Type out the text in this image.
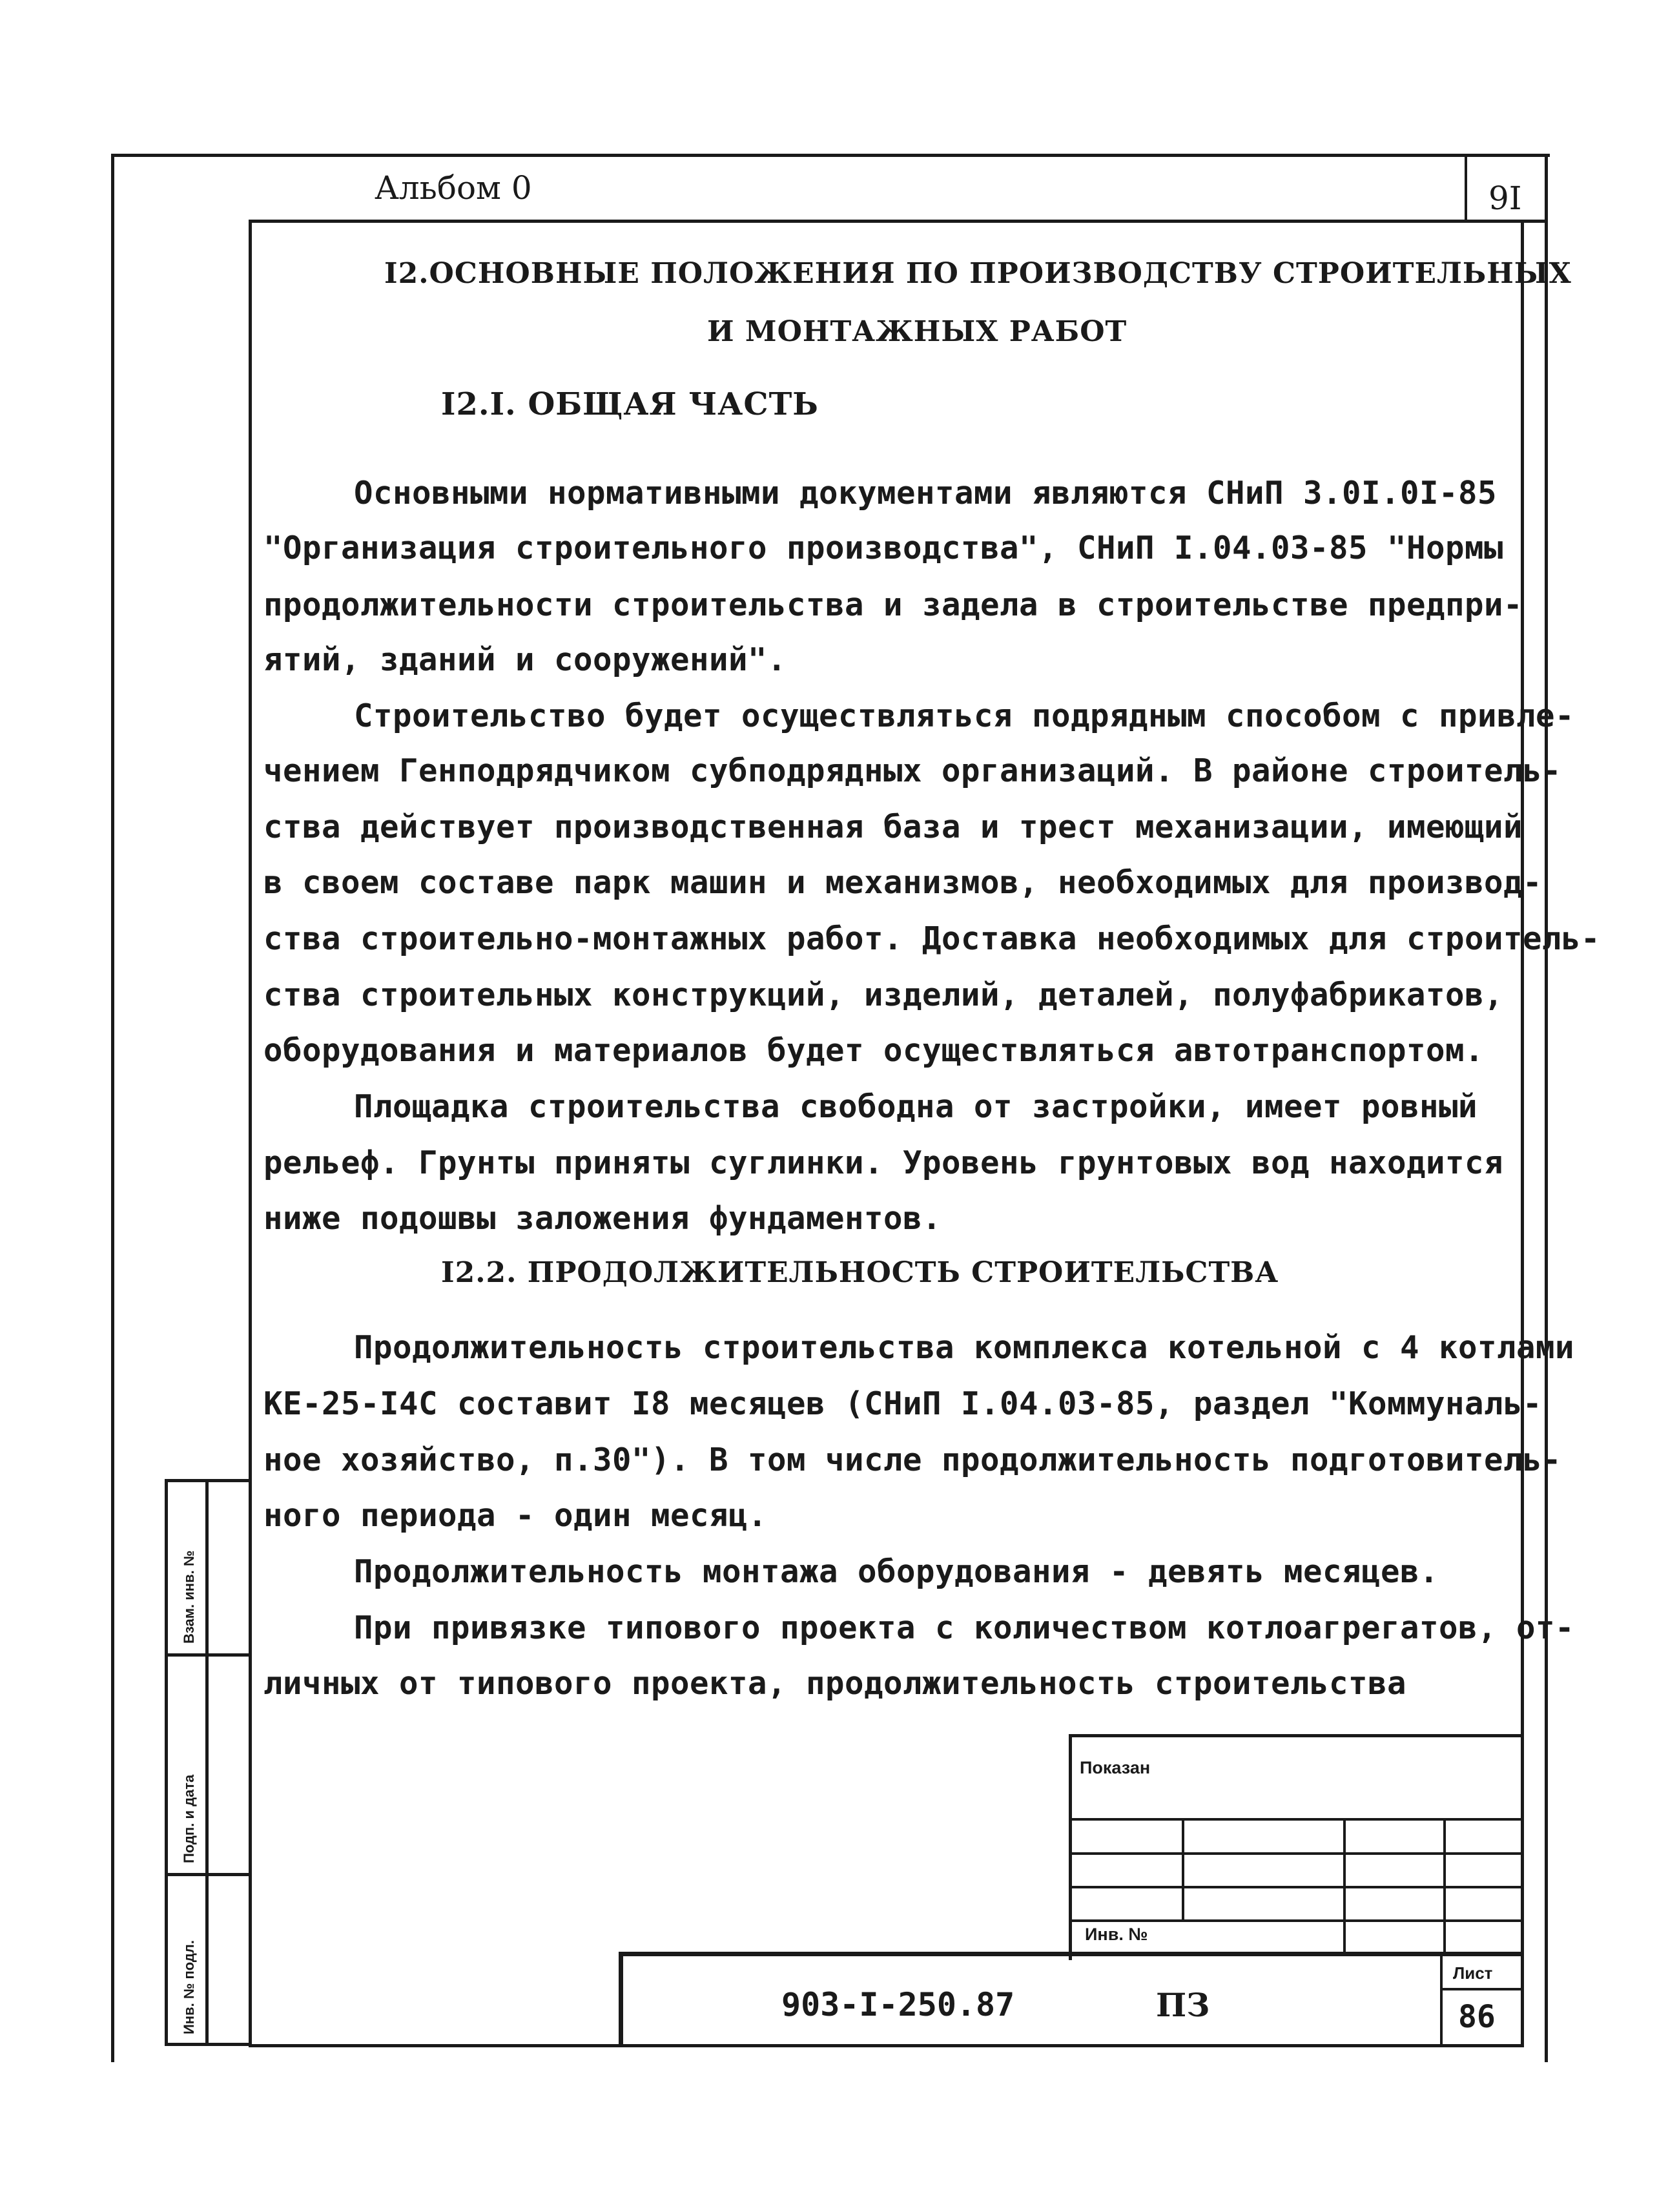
Альбом 0	9I
I2.ОСНОВНЫЕ ПОЛОЖЕНИЯ ПО ПРОИЗВОДСТВУ СТРОИТЕЛЬНЫХ
И МОНТАЖНЫХ РАБОТ
I2.I. ОБЩАЯ ЧАСТЬ
Основными нормативными документами являются СНиП 3.0I.0I-85
"Организация строительного производства", СНиП I.04.03-85 "Нормы
продолжительности строительства и задела в строительстве предпри-
ятий, зданий и сооружений".
Строительство будет осуществляться подрядным способом с привле-
чением Генподрядчиком субподрядных организаций. В районе строитель-
ства действует производственная база и трест механизации, имеющий
в своем составе парк машин и механизмов, необходимых для производ-
ства строительно-монтажных работ. Доставка необходимых для строитель-
ства строительных конструкций, изделий, деталей, полуфабрикатов,
оборудования и материалов будет осуществляться автотранспортом.
Площадка строительства свободна от застройки, имеет ровный
рельеф. Грунты приняты суглинки. Уровень грунтовых вод находится
ниже подошвы заложения фундаментов.
I2.2. ПРОДОЛЖИТЕЛЬНОСТЬ СТРОИТЕЛЬСТВА
Продолжительность строительства комплекса котельной с 4 котлами
КЕ-25-I4С составит I8 месяцев (СНиП I.04.03-85, раздел "Коммуналь-
ное хозяйство, п.30"). В том числе продолжительность подготовитель-
ного периода - один месяц.
Продолжительность монтажа оборудования - девять месяцев.
При привязке типового проекта с количеством котлоагрегатов, от-
личных от типового проекта, продолжительность строительства
Показан
Инв. №
903-I-250.87	ПЗ
Лист
86
Взам. инв. №
Подп. и дата
Инв. № подл.
